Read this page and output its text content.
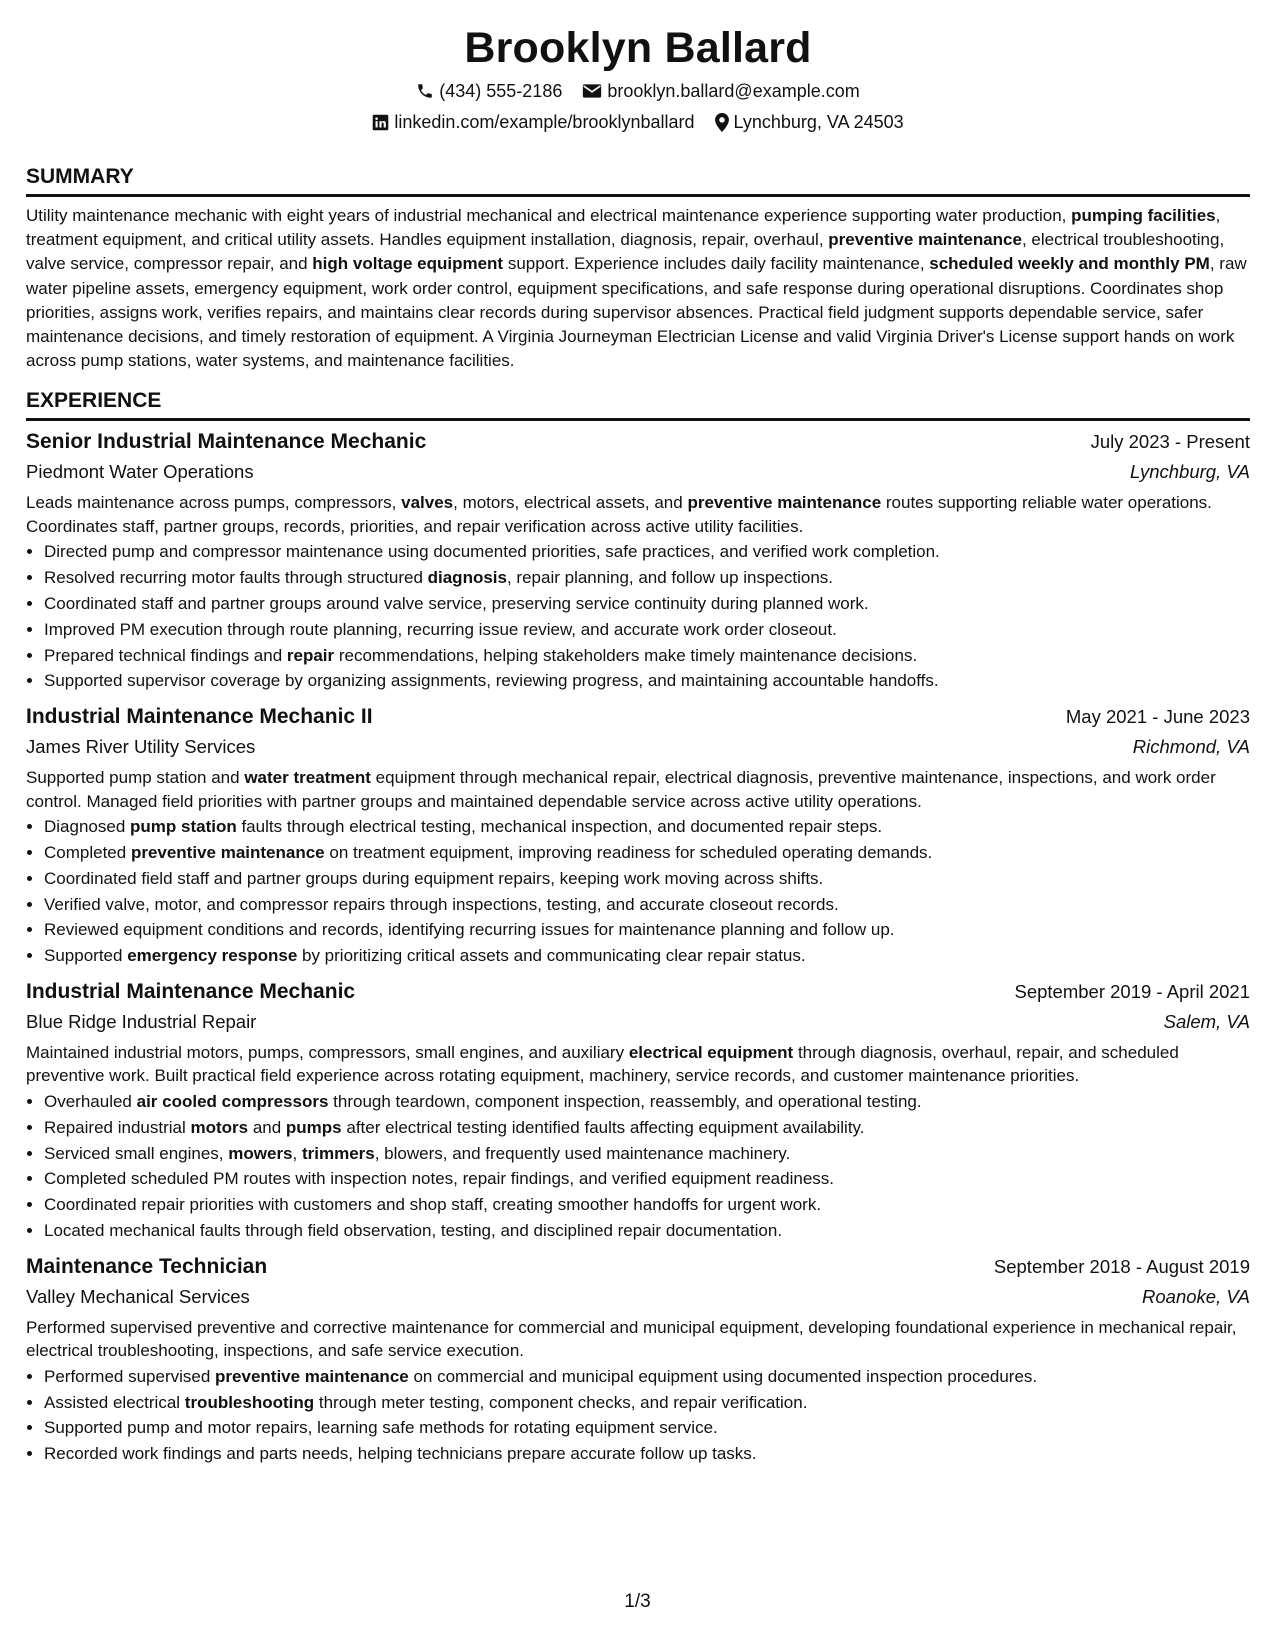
Brooklyn Ballard
(434) 555-2186	brooklyn.ballard@example.com
linkedin.com/example/brooklynballard Lynchburg, VA 24503
SUMMARY

Utility maintenance mechanic with eight years of industrial mechanical and electrical maintenance experience supporting water production, pumping facilities, treatment equipment, and critical utility assets. Handles equipment installation, diagnosis, repair, overhaul, preventive maintenance, electrical troubleshooting, valve service, compressor repair, and high voltage equipment support. Experience includes daily facility maintenance, scheduled weekly and monthly PM, raw water pipeline assets, emergency equipment, work order control, equipment specifications, and safe response during operational disruptions. Coordinates shop priorities, assigns work, verifies repairs, and maintains clear records during supervisor absences. Practical field judgment supports dependable service, safer maintenance decisions, and timely restoration of equipment. A Virginia Journeyman Electrician License and valid Virginia Driver's License support hands on work across pump stations, water systems, and maintenance facilities.

EXPERIENCE
Senior Industrial Maintenance Mechanic	July 2023 - Present
Piedmont Water Operations	Lynchburg, VA

Leads maintenance across pumps, compressors, valves, motors, electrical assets, and preventive maintenance routes supporting reliable water operations. Coordinates staff, partner groups, records, priorities, and repair verification across active utility facilities.

• Directed pump and compressor maintenance using documented priorities, safe practices, and verified work completion.
• Resolved recurring motor faults through structured diagnosis, repair planning, and follow up inspections.
• Coordinated staff and partner groups around valve service, preserving service continuity during planned work.
• Improved PM execution through route planning, recurring issue review, and accurate work order closeout.
• Prepared technical findings and repair recommendations, helping stakeholders make timely maintenance decisions.
• Supported supervisor coverage by organizing assignments, reviewing progress, and maintaining accountable handoffs.
Industrial Maintenance Mechanic II	May 2021 - June 2023
James River Utility Services	Richmond, VA

Supported pump station and water treatment equipment through mechanical repair, electrical diagnosis, preventive maintenance, inspections, and work order control. Managed field priorities with partner groups and maintained dependable service across active utility operations.

• Diagnosed pump station faults through electrical testing, mechanical inspection, and documented repair steps.
• Completed preventive maintenance on treatment equipment, improving readiness for scheduled operating demands.
• Coordinated field staff and partner groups during equipment repairs, keeping work moving across shifts.
• Verified valve, motor, and compressor repairs through inspections, testing, and accurate closeout records.
• Reviewed equipment conditions and records, identifying recurring issues for maintenance planning and follow up.
• Supported emergency response by prioritizing critical assets and communicating clear repair status.
Industrial Maintenance Mechanic	September 2019 - April 2021
Blue Ridge Industrial Repair	Salem, VA

Maintained industrial motors, pumps, compressors, small engines, and auxiliary electrical equipment through diagnosis, overhaul, repair, and scheduled preventive work. Built practical field experience across rotating equipment, machinery, service records, and customer maintenance priorities.

• Overhauled air cooled compressors through teardown, component inspection, reassembly, and operational testing.
• Repaired industrial motors and pumps after electrical testing identified faults affecting equipment availability.
• Serviced small engines, mowers, trimmers, blowers, and frequently used maintenance machinery.
• Completed scheduled PM routes with inspection notes, repair findings, and verified equipment readiness.
• Coordinated repair priorities with customers and shop staff, creating smoother handoffs for urgent work.
• Located mechanical faults through field observation, testing, and disciplined repair documentation.
Maintenance Technician	September 2018 - August 2019
Valley Mechanical Services	Roanoke, VA

Performed supervised preventive and corrective maintenance for commercial and municipal equipment, developing foundational experience in mechanical repair, electrical troubleshooting, inspections, and safe service execution.

• Performed supervised preventive maintenance on commercial and municipal equipment using documented inspection procedures.
• Assisted electrical troubleshooting through meter testing, component checks, and repair verification.
• Supported pump and motor repairs, learning safe methods for rotating equipment service.
• Recorded work findings and parts needs, helping technicians prepare accurate follow up tasks.
1/3
